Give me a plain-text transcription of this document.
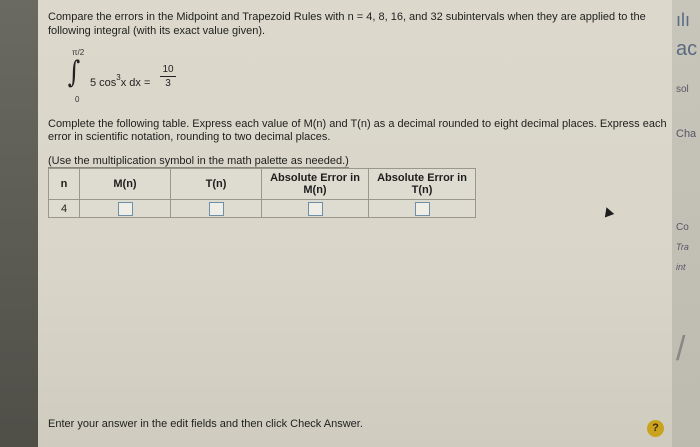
Compare the errors in the Midpoint and Trapezoid Rules with n = 4, 8, 16, and 32 subintervals when they are applied to the following integral (with its exact value given).
π/2
∫
0
5 $\cos^3x$ dx = $\frac{10}{3}$
Complete the following table. Express each value of M(n) and T(n) as a decimal rounded to eight decimal places. Express each error in scientific notation, rounding to two decimal places.
(Use the multiplication symbol in the math palette as needed.)
n	M(n)	T(n)	Absolute Error in M(n)	Absolute Error in T(n)
4				
Enter your answer in the edit fields and then click Check Answer.	?
ılı
ac
sol
Cha
Co
Tra
int
/
